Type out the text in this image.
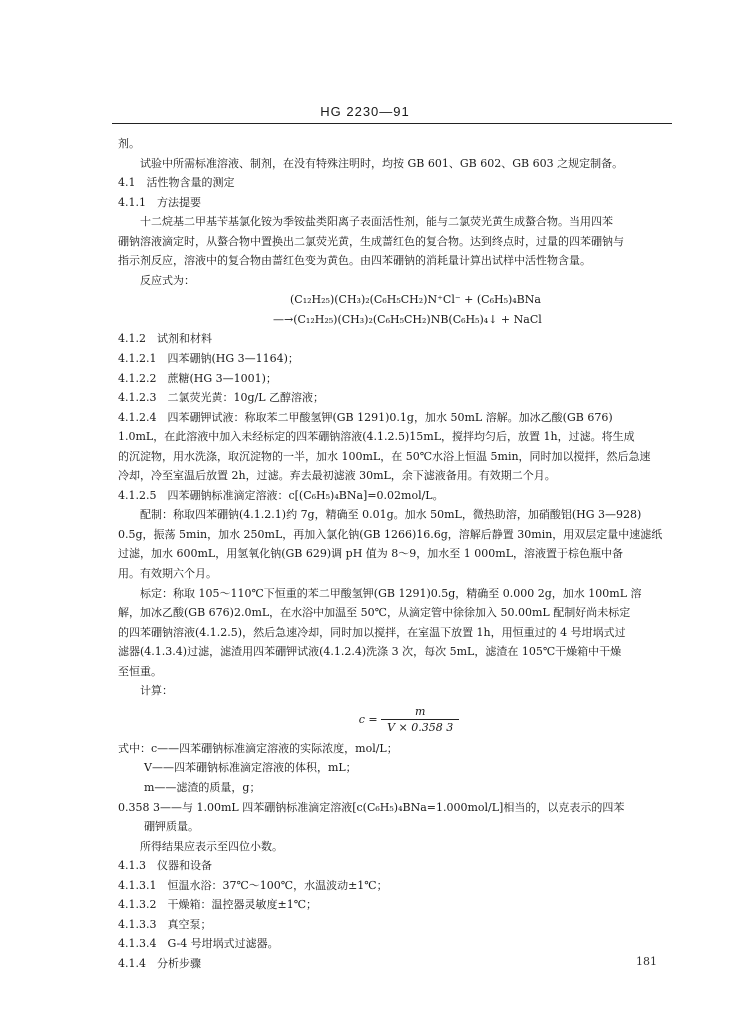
HG 2230—91
剂。
试验中所需标准溶液、制剂，在没有特殊注明时，均按 GB 601、GB 602、GB 603 之规定制备。
4.1　活性物含量的测定
4.1.1　方法提要
十二烷基二甲基苄基氯化铵为季铵盐类阳离子表面活性剂，能与二氯荧光黄生成螯合物。当用四苯
硼钠溶液滴定时，从螯合物中置换出二氯荧光黄，生成蔷红色的复合物。达到终点时，过量的四苯硼钠与
指示剂反应，溶液中的复合物由蔷红色变为黄色。由四苯硼钠的消耗量计算出试样中活性物含量。
反应式为：
(C₁₂H₂₅)(CH₃)₂(C₆H₅CH₂)N⁺Cl⁻ + (C₆H₅)₄BNa
—→(C₁₂H₂₅)(CH₃)₂(C₆H₅CH₂)NB(C₆H₅)₄↓ + NaCl
4.1.2　试剂和材料
4.1.2.1　四苯硼钠(HG 3—1164)；
4.1.2.2　蔗糖(HG 3—1001)；
4.1.2.3　二氯荧光黄：10g/L 乙醇溶液；
4.1.2.4　四苯硼钾试液：称取苯二甲酸氢钾(GB 1291)0.1g，加水 50mL 溶解。加冰乙酸(GB 676)
1.0mL，在此溶液中加入未经标定的四苯硼钠溶液(4.1.2.5)15mL，搅拌均匀后，放置 1h，过滤。将生成
的沉淀物，用水洗涤，取沉淀物的一半，加水 100mL，在 50℃水浴上恒温 5min，同时加以搅拌，然后急速
冷却，冷至室温后放置 2h，过滤。弃去最初滤液 30mL，余下滤液备用。有效期二个月。
4.1.2.5　四苯硼钠标准滴定溶液：c[(C₆H₅)₄BNa]=0.02mol/L。
配制：称取四苯硼钠(4.1.2.1)约 7g，精确至 0.01g。加水 50mL，微热助溶，加硝酸铝(HG 3—928)
0.5g，振荡 5min，加水 250mL，再加入氯化钠(GB 1266)16.6g，溶解后静置 30min，用双层定量中速滤纸
过滤，加水 600mL，用氢氧化钠(GB 629)调 pH 值为 8～9，加水至 1 000mL，溶液置于棕色瓶中备
用。有效期六个月。
标定：称取 105～110℃下恒重的苯二甲酸氢钾(GB 1291)0.5g，精确至 0.000 2g，加水 100mL 溶
解，加冰乙酸(GB 676)2.0mL，在水浴中加温至 50℃，从滴定管中徐徐加入 50.00mL 配制好尚未标定
的四苯硼钠溶液(4.1.2.5)，然后急速冷却，同时加以搅拌，在室温下放置 1h，用恒重过的 4 号坩埚式过
滤器(4.1.3.4)过滤，滤渣用四苯硼钾试液(4.1.2.4)洗涤 3 次，每次 5mL，滤渣在 105℃干燥箱中干燥
至恒重。
计算：
$c = \frac{m}{V \times 0.358 3}$
式中：c——四苯硼钠标准滴定溶液的实际浓度，mol/L；
V——四苯硼钠标准滴定溶液的体积，mL；
m——滤渣的质量，g；
0.358 3——与 1.00mL 四苯硼钠标准滴定溶液[c(C₆H₅)₄BNa=1.000mol/L]相当的，以克表示的四苯
硼钾质量。
所得结果应表示至四位小数。
4.1.3　仪器和设备
4.1.3.1　恒温水浴：37℃～100℃，水温波动±1℃；
4.1.3.2　干燥箱：温控器灵敏度±1℃；
4.1.3.3　真空泵；
4.1.3.4　G-4 号坩埚式过滤器。
4.1.4　分析步骤	181
